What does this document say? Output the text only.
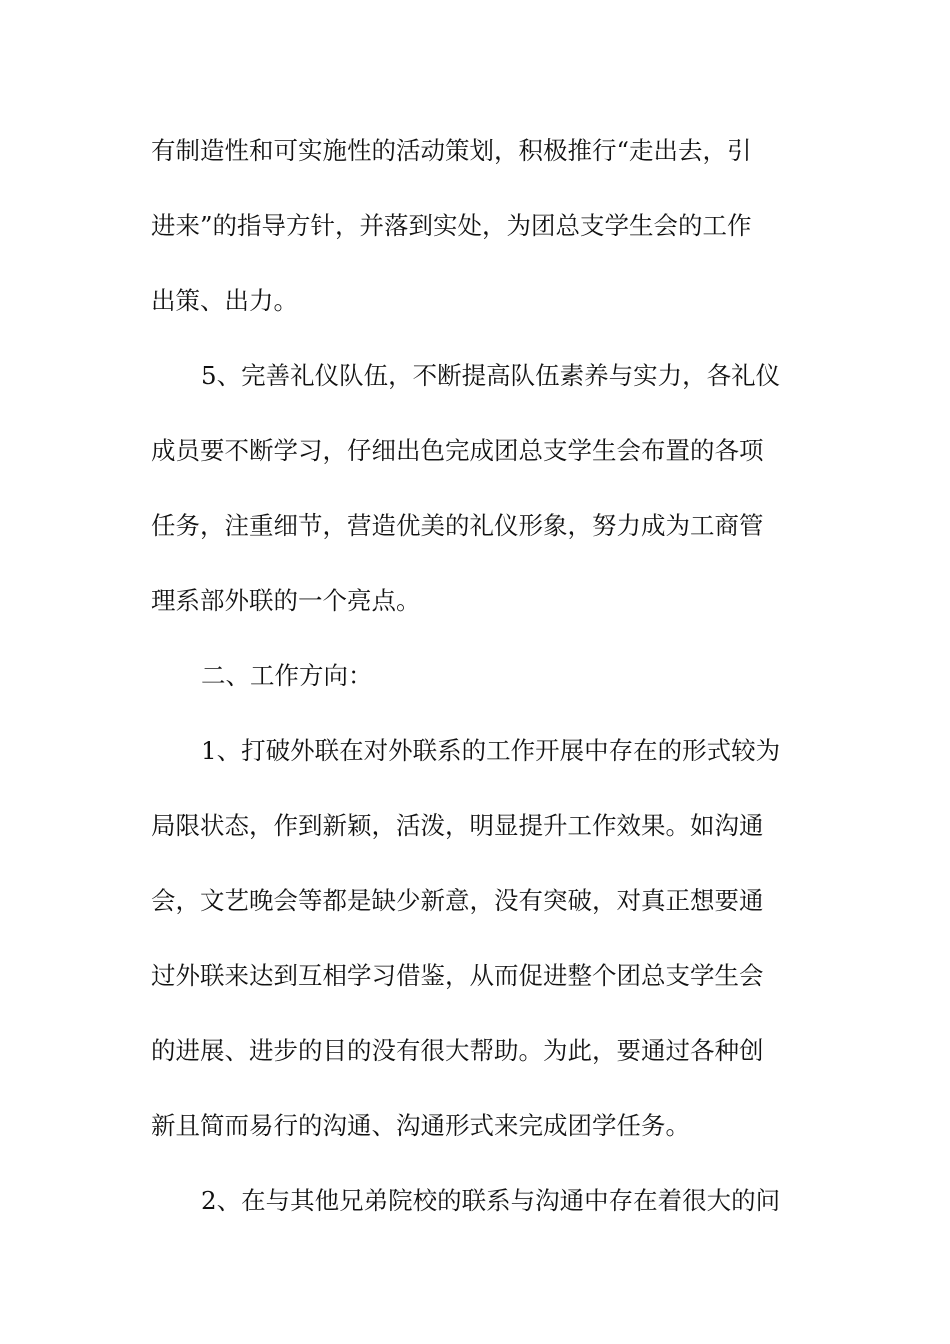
有制造性和可实施性的活动策划，积极推行“走出去，引
进来”的指导方针，并落到实处，为团总支学生会的工作
出策、出力。
5、完善礼仪队伍，不断提高队伍素养与实力，各礼仪
成员要不断学习，仔细出色完成团总支学生会布置的各项
任务，注重细节，营造优美的礼仪形象，努力成为工商管
理系部外联的一个亮点。
二、工作方向：
1、打破外联在对外联系的工作开展中存在的形式较为
局限状态，作到新颖，活泼，明显提升工作效果。如沟通
会，文艺晚会等都是缺少新意，没有突破，对真正想要通
过外联来达到互相学习借鉴，从而促进整个团总支学生会
的进展、进步的目的没有很大帮助。为此，要通过各种创
新且简而易行的沟通、沟通形式来完成团学任务。
2、在与其他兄弟院校的联系与沟通中存在着很大的问
